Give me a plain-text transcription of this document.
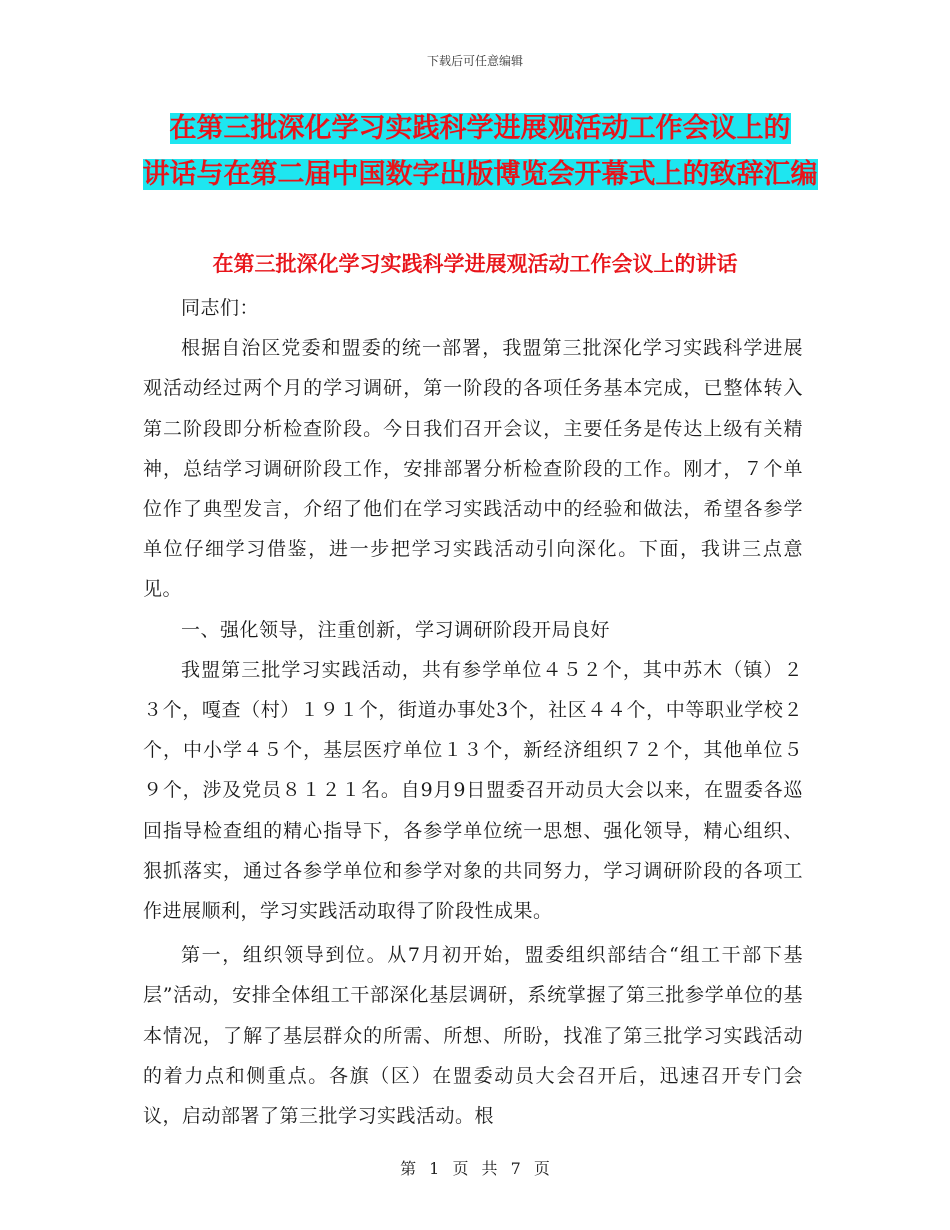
下载后可任意编辑
在第三批深化学习实践科学进展观活动工作会议上的
讲话与在第二届中国数字出版博览会开幕式上的致辞汇编
在第三批深化学习实践科学进展观活动工作会议上的讲话

同志们：

根据自治区党委和盟委的统一部署，我盟第三批深化学习实践科学进展观活动经过两个月的学习调研，第一阶段的各项任务基本完成，已整体转入第二阶段即分析检查阶段。今日我们召开会议，主要任务是传达上级有关精神，总结学习调研阶段工作，安排部署分析检查阶段的工作。刚才，７个单位作了典型发言，介绍了他们在学习实践活动中的经验和做法，希望各参学单位仔细学习借鉴，进一步把学习实践活动引向深化。下面，我讲三点意见。

一、强化领导，注重创新，学习调研阶段开局良好

我盟第三批学习实践活动，共有参学单位４５２个，其中苏木（镇）２３个，嘎查（村）１９１个，街道办事处3个，社区４４个，中等职业学校２个，中小学４５个，基层医疗单位１３个，新经济组织７２个，其他单位５９个，涉及党员８１２１名。自9月9日盟委召开动员大会以来，在盟委各巡回指导检查组的精心指导下，各参学单位统一思想、强化领导，精心组织、狠抓落实，通过各参学单位和参学对象的共同努力，学习调研阶段的各项工作进展顺利，学习实践活动取得了阶段性成果。

第一，组织领导到位。从7月初开始，盟委组织部结合“组工干部下基层”活动，安排全体组工干部深化基层调研，系统掌握了第三批参学单位的基本情况，了解了基层群众的所需、所想、所盼，找准了第三批学习实践活动的着力点和侧重点。各旗（区）在盟委动员大会召开后，迅速召开专门会议，启动部署了第三批学习实践活动。根

第 1 页 共 7 页
